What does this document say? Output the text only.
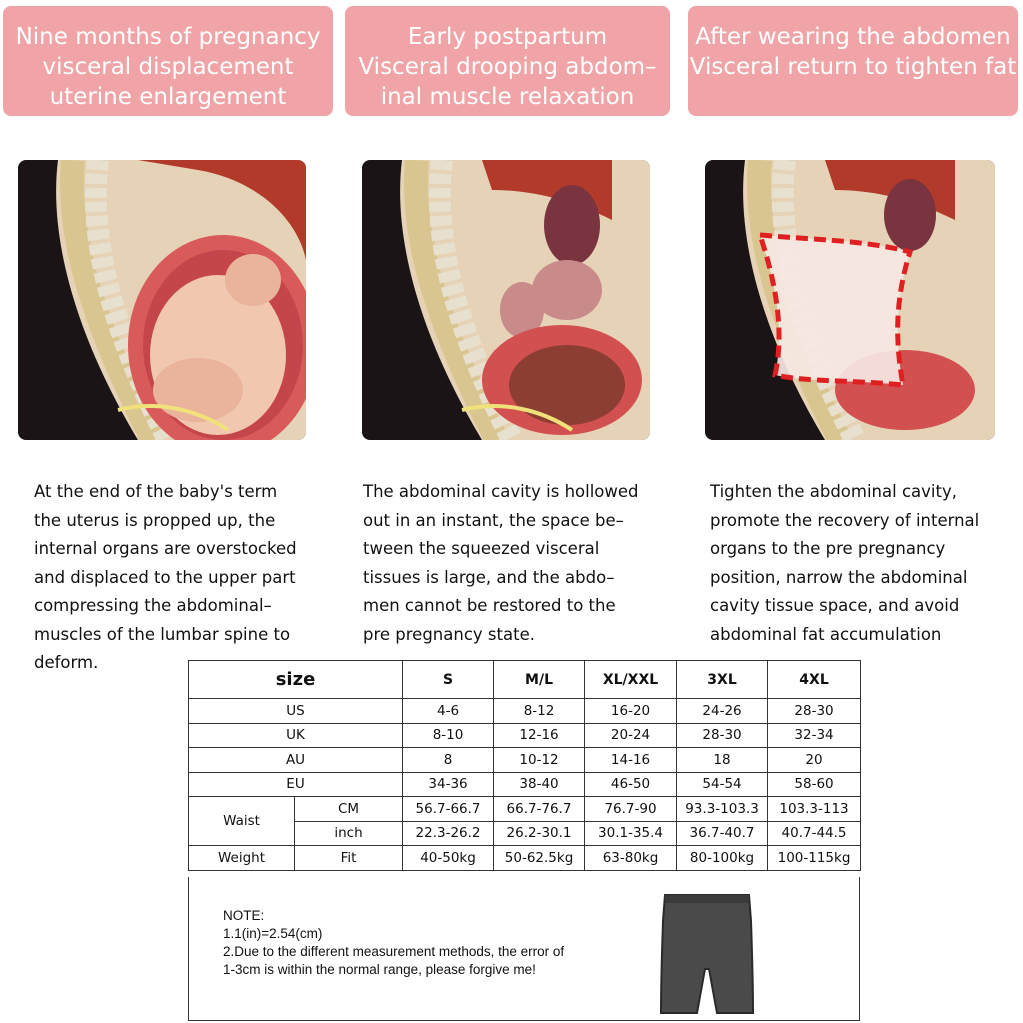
Nine months of pregnancy
visceral displacement
uterine enlargement
Early postpartum
Visceral drooping abdom–
inal muscle relaxation
After wearing the abdomen
Visceral return to tighten fat
At the end of the baby's term
the uterus is propped up, the
internal organs are overstocked
and displaced to the upper part
compressing the abdominal–
muscles of the lumbar spine to
deform.
The abdominal cavity is hollowed
out in an instant, the space be–
tween the squeezed visceral
tissues is large, and the abdo–
men cannot be restored to the
pre pregnancy state.
Tighten the abdominal cavity,
promote the recovery of internal
organs to the pre pregnancy
position, narrow the abdominal
cavity tissue space, and avoid
abdominal fat accumulation
size		S	M/L	XL/XXL	3XL	4XL
US		4-6	8-12	16-20	24-26	28-30
UK		8-10	12-16	20-24	28-30	32-34
AU		8	10-12	14-16	18	20
EU		34-36	38-40	46-50	54-54	58-60
Waist	CM	56.7-66.7	66.7-76.7	76.7-90	93.3-103.3	103.3-113
	inch	22.3-26.2	26.2-30.1	30.1-35.4	36.7-40.7	40.7-44.5
Weight	Fit	40-50kg	50-62.5kg	63-80kg	80-100kg	100-115kg
NOTE:
1.1(in)=2.54(cm)
2.Due to the different measurement methods, the error of
1-3cm is within the normal range, please forgive me!
